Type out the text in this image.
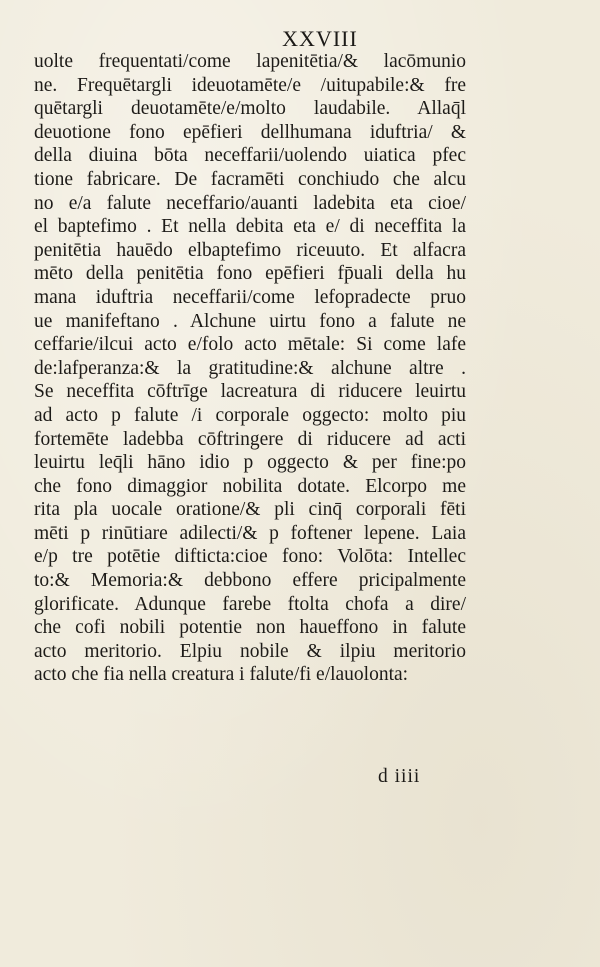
XXVIII
uolte frequentati/come lapenitētia/& lacōmunio
ne. Frequētargli ideuotamēte/e /uitupabile:& fre
quētargli deuotamēte/e/molto laudabile. Allaq̄l
deuotione fono epēfieri dellhumana iduftria/ &
della diuina bōta neceffarii/uolendo uiatica pfec
tione fabricare. De facramēti conchiudo che alcu
no e/a falute neceffario/auanti ladebita eta cioe/
el baptefimo . Et nella debita eta e/ di neceffita la
penitētia hauēdo elbaptefimo riceuuto. Et alfacra
mēto della penitētia fono epēfieri fp̄uali della hu
mana iduftria neceffarii/come lefopradecte pruo
ue manifeftano . Alchune uirtu fono a falute ne
ceffarie/ilcui acto e/folo acto mētale: Si come lafe
de:lafperanza:& la gratitudine:& alchune altre .
Se neceffita cōftrīge lacreatura di riducere leuirtu
ad acto p falute /i corporale oggecto: molto piu
fortemēte ladebba cōftringere di riducere ad acti
leuirtu leq̄li hāno idio p oggecto & per fine:po
che fono dimaggior nobilita dotate. Elcorpo me
rita pla uocale oratione/& pli cinq̄ corporali fēti
mēti p rinūtiare adilecti/& p foftener lepene. Laia
e/p tre potētie difticta:cioe fono: Volōta: Intellec
to:& Memoria:& debbono effere pricipalmente
glorificate. Adunque farebe ftolta chofa a dire/
che cofi nobili potentie non haueffono in falute
acto meritorio. Elpiu nobile & ilpiu meritorio
acto che fia nella creatura i falute/fi e/lauolonta:
d iiii
